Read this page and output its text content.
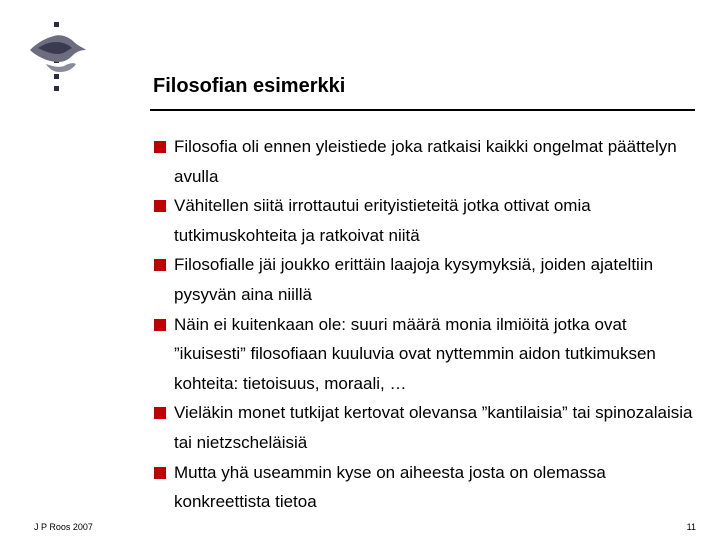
Filosofian esimerkki
Filosofia oli ennen yleistiede joka ratkaisi kaikki ongelmat päättelyn avulla
Vähitellen siitä irrottautui erityistieteitä jotka ottivat omia tutkimuskohteita ja ratkoivat niitä
Filosofialle jäi joukko erittäin laajoja kysymyksiä, joiden ajateltiin pysyvän aina niillä
Näin ei kuitenkaan ole: suuri määrä monia ilmiöitä jotka ovat ”ikuisesti” filosofiaan kuuluvia ovat nyttemmin aidon tutkimuksen kohteita: tietoisuus, moraali, …
Vieläkin monet tutkijat kertovat olevansa ”kantilaisia” tai spinozalaisia tai nietzscheläisiä
Mutta yhä useammin kyse on aiheesta josta on olemassa konkreettista tietoa
J P Roos 2007	11
